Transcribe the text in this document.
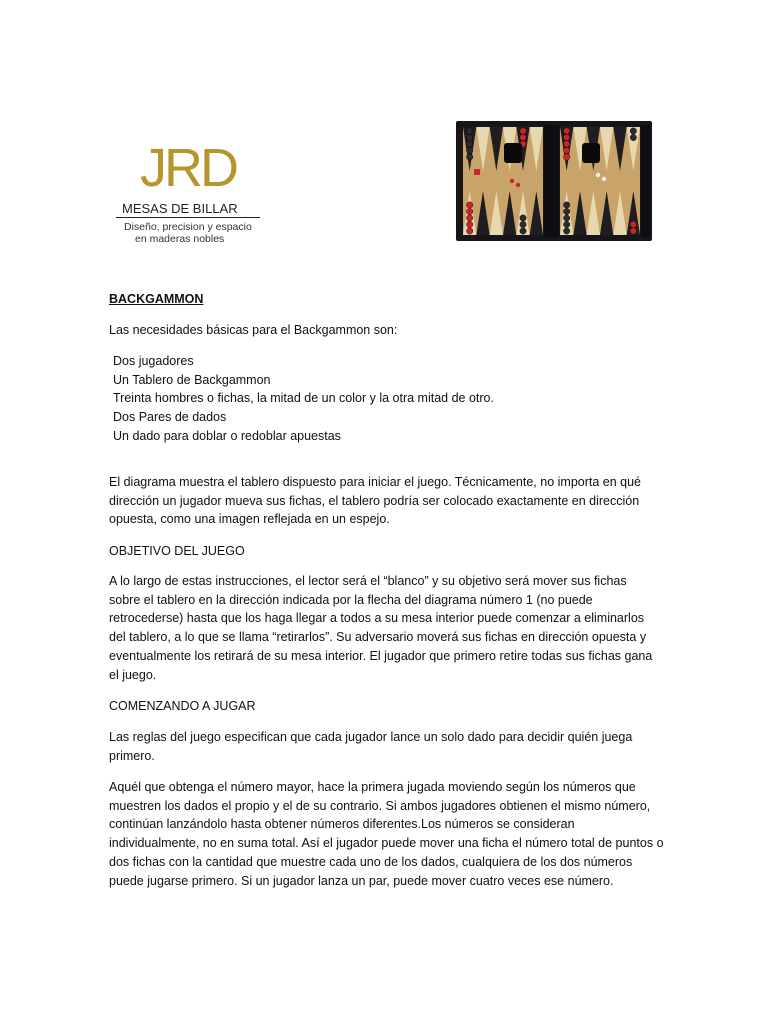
JRD
MESAS DE BILLAR
Diseño, precision y espacio
en maderas nobles
BACKGAMMON
Las necesidades básicas para el Backgammon son:
Dos jugadores
Un Tablero de Backgammon
Treinta hombres o fichas, la mitad de un color y la otra mitad de otro.
Dos Pares de dados
Un dado para doblar o redoblar apuestas
El diagrama muestra el tablero dispuesto para iniciar el juego. Técnicamente, no importa en qué dirección un jugador mueva sus fichas, el tablero podría ser colocado exactamente en dirección opuesta, como una imagen reflejada en un espejo.
OBJETIVO DEL JUEGO
A lo largo de estas instrucciones, el lector será el “blanco” y su objetivo será mover sus fichas sobre el tablero en la dirección indicada por la flecha del diagrama número 1 (no puede retrocederse) hasta que los haga llegar a todos a su mesa interior puede comenzar a eliminarlos del tablero, a lo que se llama “retirarlos”. Su adversario moverá sus fichas en dirección opuesta y eventualmente los retirará de su mesa interior. El jugador que primero retire todas sus fichas gana el juego.
COMENZANDO A JUGAR
Las reglas del juego especifican que cada jugador lance un solo dado para decidir quién juega primero.
Aquél que obtenga el número mayor, hace la primera jugada moviendo según los números que muestren los dados el propio y el de su contrario. Si ambos jugadores obtienen el mismo número, continúan lanzándolo hasta obtener números diferentes.Los números se consideran individualmente, no en suma total. Así el jugador puede mover una ficha el número total de puntos o dos fichas con la cantidad que muestre cada uno de los dados, cualquiera de los dos números puede jugarse primero. Si un jugador lanza un par, puede mover cuatro veces ese número.
